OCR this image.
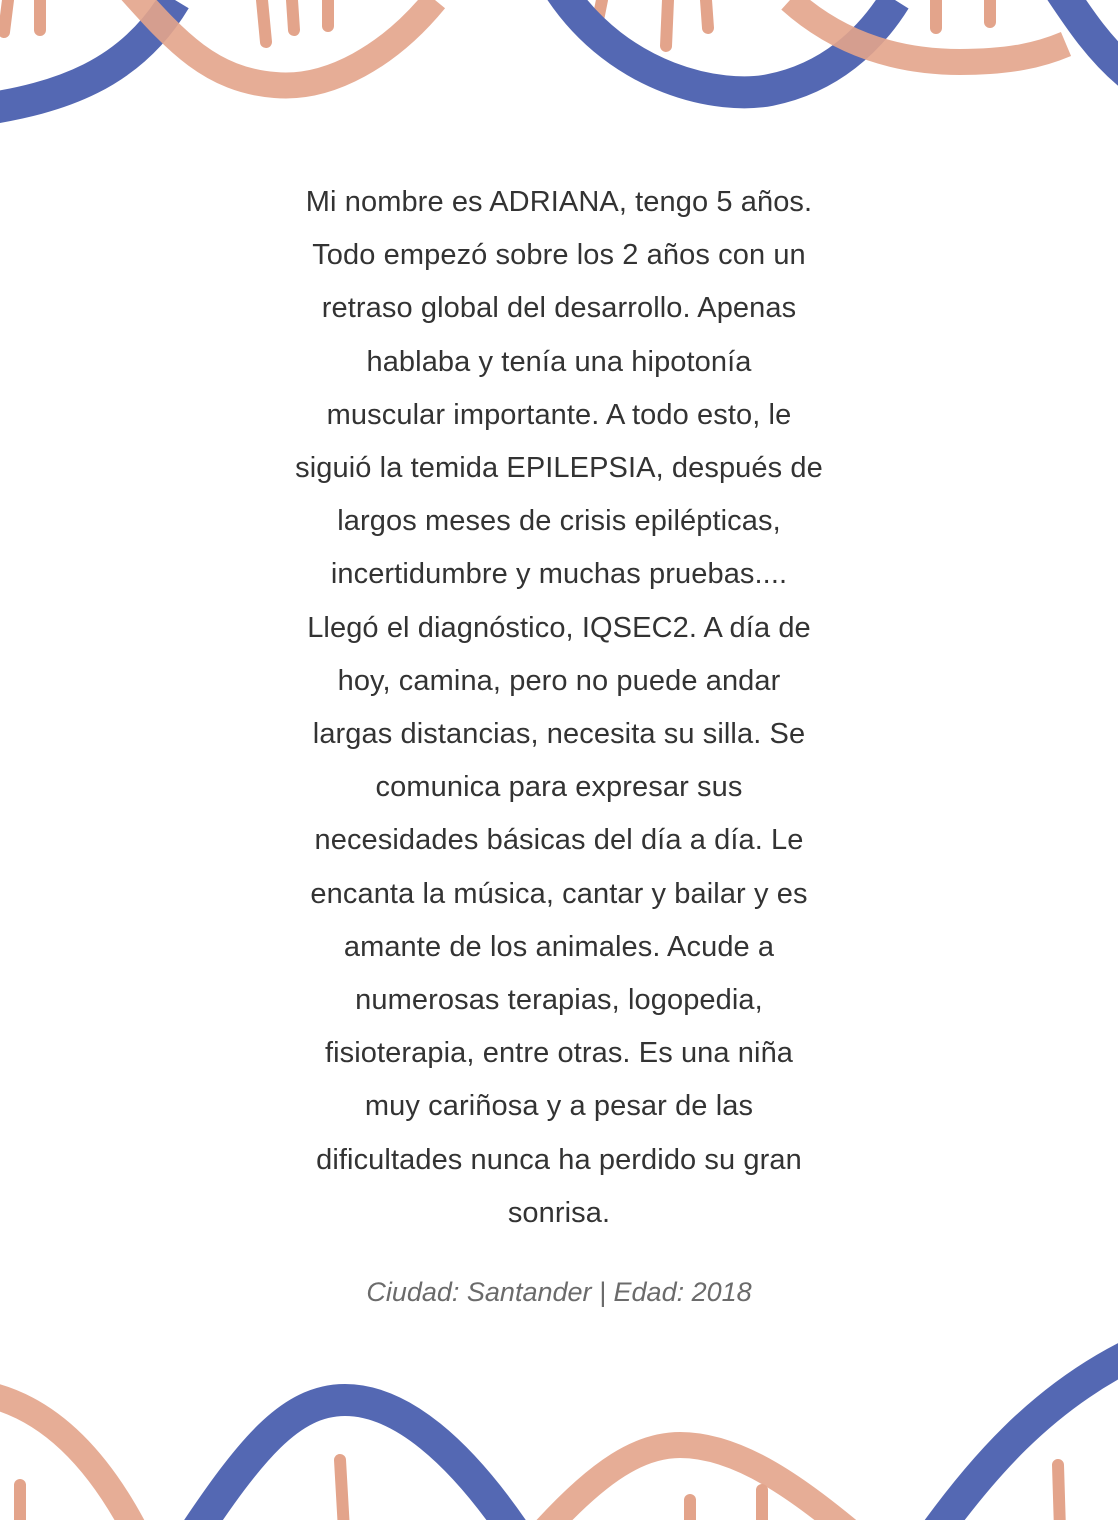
Mi nombre es ADRIANA, tengo 5 años.
Todo empezó sobre los 2 años con un
retraso global del desarrollo. Apenas
hablaba y tenía una hipotonía
muscular importante. A todo esto, le
siguió la temida EPILEPSIA, después de
largos meses de crisis epilépticas,
incertidumbre y muchas pruebas....
Llegó el diagnóstico, IQSEC2. A día de
hoy, camina, pero no puede andar
largas distancias, necesita su silla. Se
comunica para expresar sus
necesidades básicas del día a día. Le
encanta la música, cantar y bailar y es
amante de los animales. Acude a
numerosas terapias, logopedia,
fisioterapia, entre otras. Es una niña
muy cariñosa y a pesar de las
dificultades nunca ha perdido su gran
sonrisa.
Ciudad: Santander | Edad: 2018
